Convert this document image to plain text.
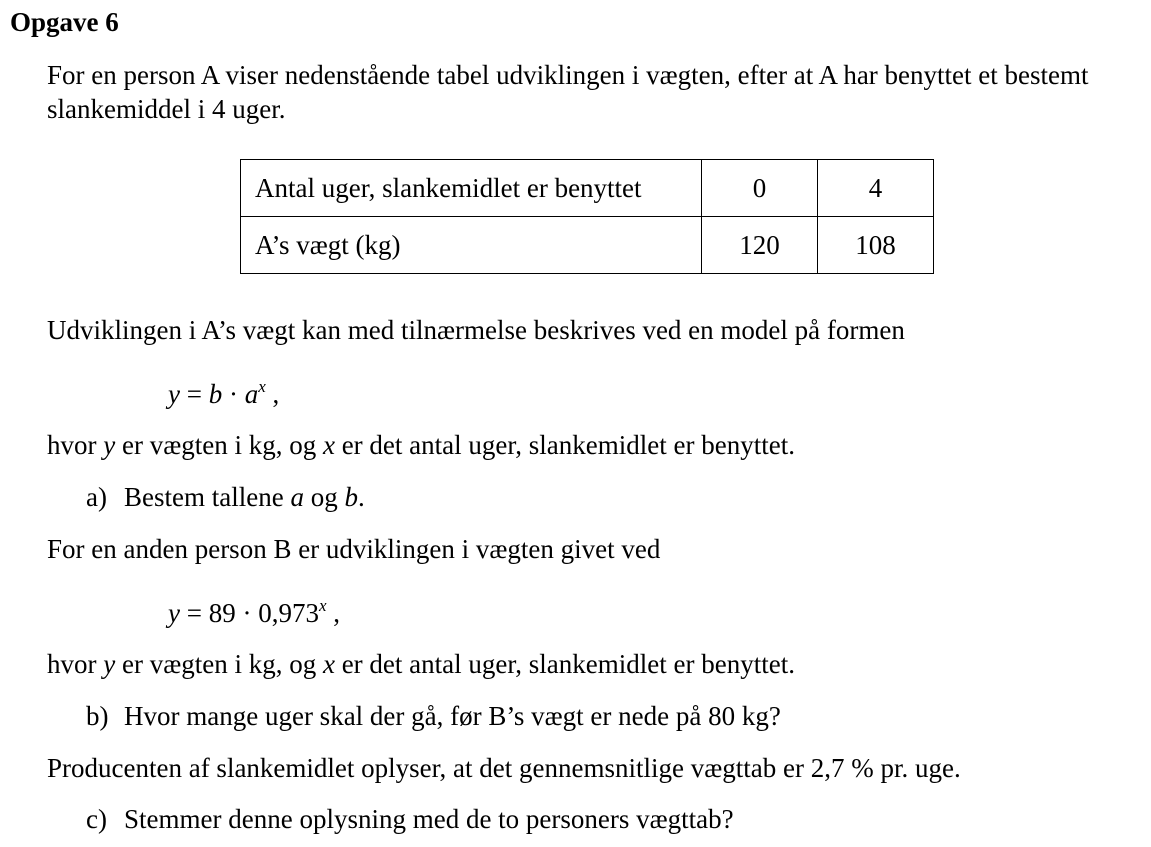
Opgave 6
For en person A viser nedenstående tabel udviklingen i vægten, efter at A har benyttet et bestemt slankemiddel i 4 uger.
Antal uger, slankemidlet er benyttet	0	4
A’s vægt (kg)	120	108
Udviklingen i A’s vægt kan med tilnærmelse beskrives ved en model på formen
$y = b \cdot a^x$ ,
hvor y er vægten i kg, og x er det antal uger, slankemidlet er benyttet.
a) Bestem tallene a og b.
For en anden person B er udviklingen i vægten givet ved
$y = 89 \cdot 0,973^x$ ,
hvor y er vægten i kg, og x er det antal uger, slankemidlet er benyttet.
b) Hvor mange uger skal der gå, før B’s vægt er nede på 80 kg?
Producenten af slankemidlet oplyser, at det gennemsnitlige vægttab er 2,7 % pr. uge.
c) Stemmer denne oplysning med de to personers vægttab?
